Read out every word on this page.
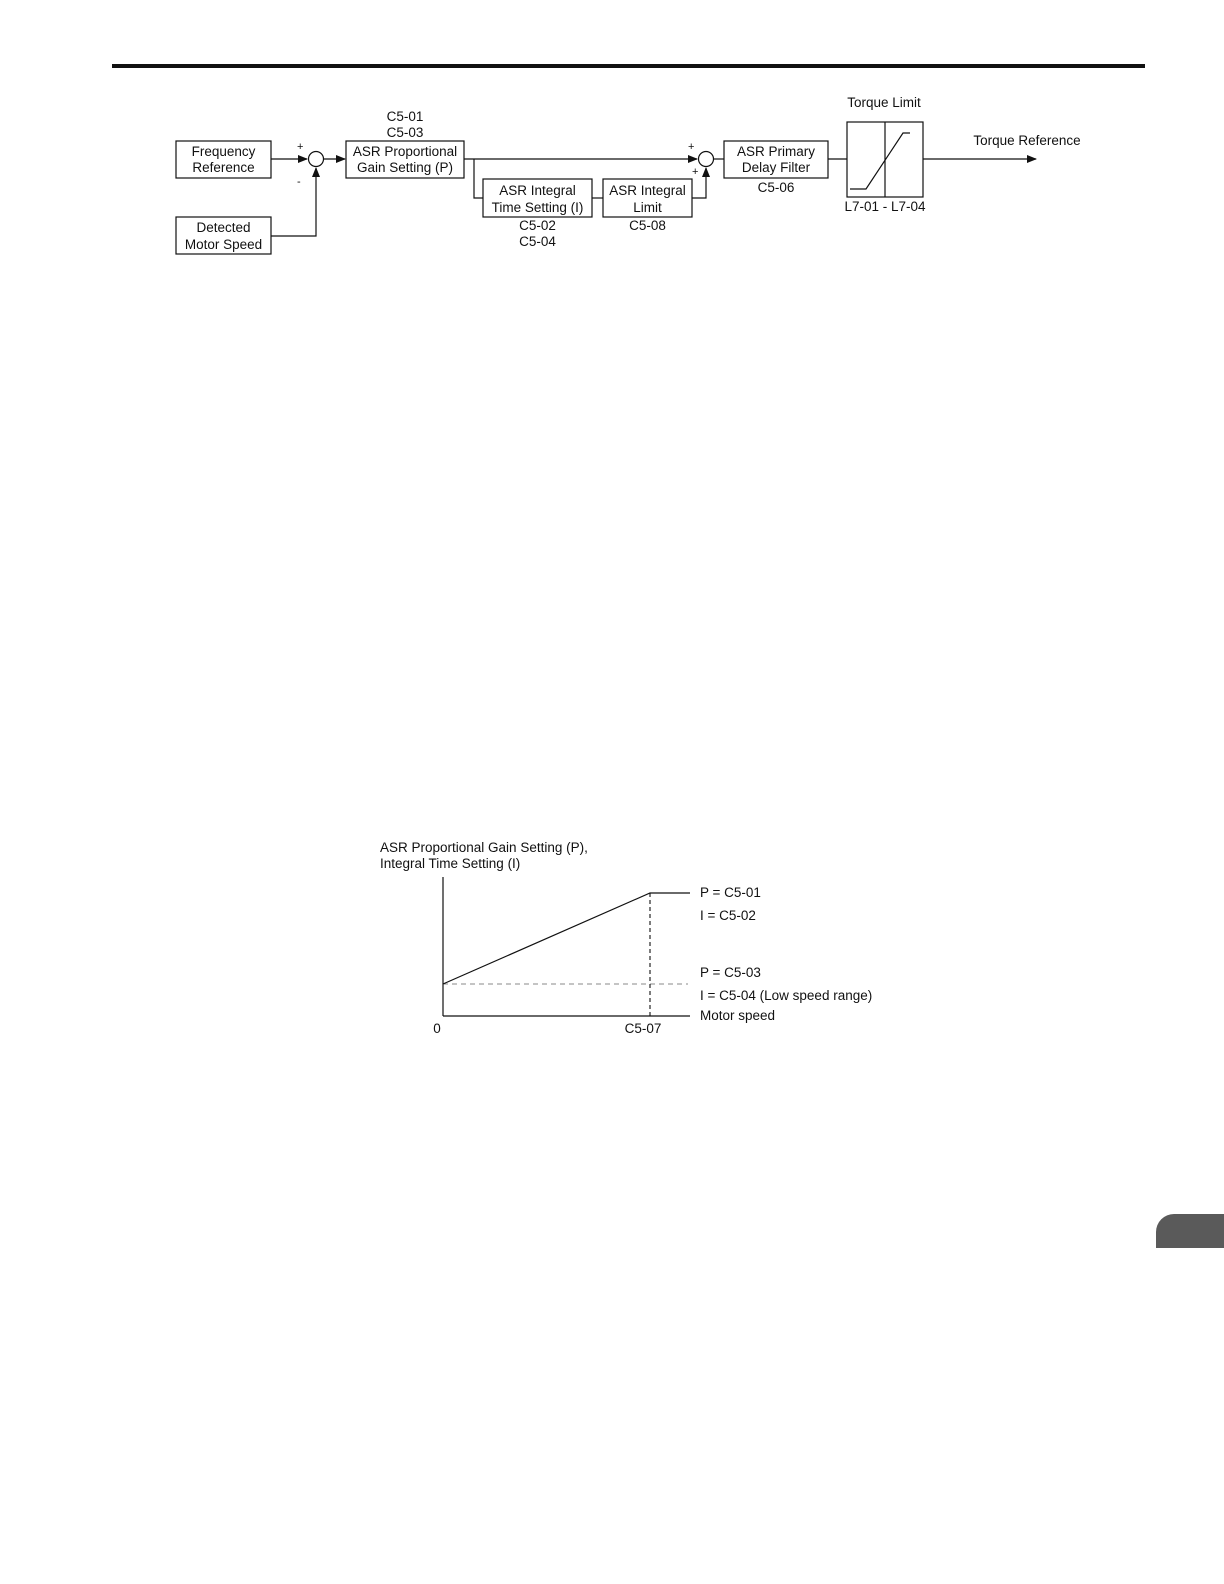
Frequency
Reference
Detected
Motor Speed
+
-
C5-01
C5-03
ASR Proportional
Gain Setting (P)
ASR Integral
Time Setting (I)
C5-02
C5-04
ASR Integral
Limit
C5-08
+
+
ASR Primary
Delay Filter
C5-06
Torque Limit
L7-01 - L7-04
Torque Reference
ASR Proportional Gain Setting (P),
Integral Time Setting (I)
0	C5-07
Motor speed
P = C5-01
I = C5-02
P = C5-03
I = C5-04 (Low speed range)
